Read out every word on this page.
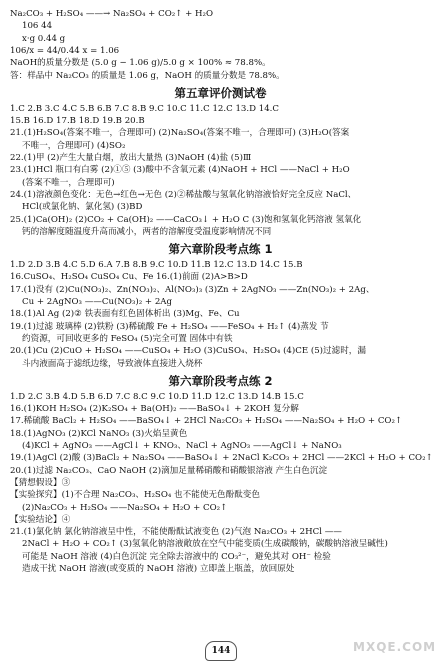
Na₂CO₃ + H₂SO₄ ——→ Na₂SO₄ + CO₂↑ + H₂O
106 44
x·g 0.44 g
106/x = 44/0.44 x = 1.06
NaOH的质量分数是 (5.0 g − 1.06 g)/5.0 g × 100% ≈ 78.8%。
答：样品中 Na₂CO₃ 的质量是 1.06 g，NaOH 的质量分数是 78.8%。
第五章评价测试卷
1.C 2.B 3.C 4.C 5.B 6.B 7.C 8.B 9.C 10.C 11.C 12.C 13.D 14.C
15.B 16.D 17.B 18.D 19.B 20.B
21.(1)H₂SO₄(答案不唯一，合理即可) (2)Na₂SO₄(答案不唯一，合理即可) (3)H₂O(答案
不唯一，合理即可) (4)SO₂
22.(1)甲 (2)产生大量白烟，放出大量热 (3)NaOH (4)盐 (5)Ⅲ
23.(1)HCl 瓶口有白雾 (2)①⑤ (3)酸中不含氧元素 (4)NaOH + HCl ——NaCl + H₂O
(答案不唯一，合理即可)
24.(1)溶液颜色变化：无色→红色→无色 (2)②稀盐酸与氢氧化钠溶液恰好完全反应 NaCl、
HCl(或氯化钠、氯化氢) (3)BD
25.(1)Ca(OH)₂ (2)CO₂ + Ca(OH)₂ ——CaCO₃↓ + H₂O C (3)饱和氢氧化钙溶液 氢氧化
钙的溶解度随温度升高而减小，两者的溶解度受温度影响情况不同
第六章阶段考点练 1
1.D 2.D 3.B 4.C 5.D 6.A 7.B 8.B 9.C 10.D 11.B 12.C 13.D 14.C 15.B
16.CuSO₄、H₂SO₄ CuSO₄ Cu、Fe 16.(1)前面 (2)A>B>D
17.(1)没有 (2)Cu(NO₃)₂、Zn(NO₃)₂、Al(NO₃)₃ (3)Zn + 2AgNO₃ ——Zn(NO₃)₂ + 2Ag、
Cu + 2AgNO₃ ——Cu(NO₃)₂ + 2Ag
18.(1)Al Ag (2)② 铁表面有红色固体析出 (3)Mg、Fe、Cu
19.(1)过滤 玻璃棒 (2)铁粉 (3)稀硫酸 Fe + H₂SO₄ ——FeSO₄ + H₂↑ (4)蒸发 节
约资源，可回收更多的 FeSO₄ (5)完全可置 固体中有铁
20.(1)Cu (2)CuO + H₂SO₄ ——CuSO₄ + H₂O (3)CuSO₄、H₂SO₄ (4)CE (5)过滤时，漏
斗内液面高于滤纸边缘，导致液体直接进入烧杯
第六章阶段考点练 2
1.D 2.C 3.B 4.D 5.B 6.D 7.C 8.C 9.C 10.D 11.D 12.C 13.D 14.B 15.C
16.(1)KOH H₂SO₄ (2)K₂SO₄ + Ba(OH)₂ ——BaSO₄↓ + 2KOH 复分解
17.稀硫酸 BaCl₂ + H₂SO₄ ——BaSO₄↓ + 2HCl Na₂CO₃ + H₂SO₄ ——Na₂SO₄ + H₂O + CO₂↑
18.(1)AgNO₃ (2)KCl NaNO₃ (3)火焰呈黄色
(4)KCl + AgNO₃ ——AgCl↓ + KNO₃、NaCl + AgNO₃ ——AgCl↓ + NaNO₃
19.(1)AgCl (2)酸 (3)BaCl₂ + Na₂SO₄ ——BaSO₄↓ + 2NaCl K₂CO₃ + 2HCl ——2KCl + H₂O + CO₂↑
20.(1)过滤 Na₂CO₃、CaO NaOH (2)滴加足量稀硝酸和硝酸银溶液 产生白色沉淀
【猜想假设】③
【实验探究】(1)不合理 Na₂CO₃、H₂SO₄ 也不能使无色酚酞变色
(2)Na₂CO₃ + H₂SO₄ ——Na₂SO₄ + H₂O + CO₂↑
【实验结论】④
21.(1)氯化钠 氯化钠溶液呈中性，不能使酚酞试液变色 (2)气泡 Na₂CO₃ + 2HCl ——
2NaCl + H₂O + CO₂↑ (3)氢氧化钠溶液敞放在空气中能变质(生成碳酸钠，碳酸钠溶液呈碱性)
可能是 NaOH 溶液 (4)白色沉淀 完全除去溶液中的 CO₃²⁻，避免其对 OH⁻ 检验
造成干扰 NaOH 溶液(或变质的 NaOH 溶液) 立即盖上瓶盖，放回原处
144	MXQE.COM
